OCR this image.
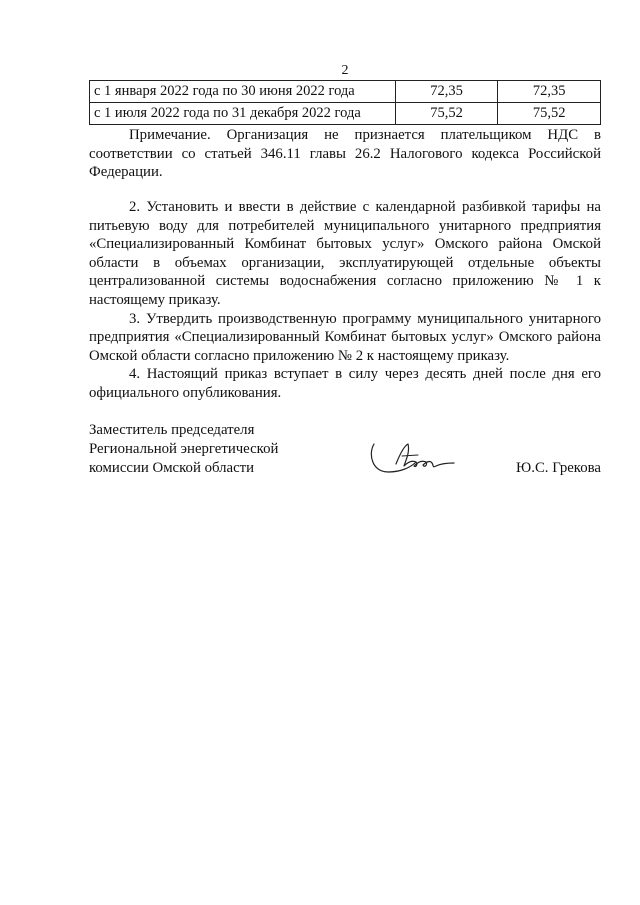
2
с 1 января 2022 года по 30 июня 2022 года	72,35	72,35
с 1 июля 2022 года по 31 декабря 2022 года	75,52	75,52

Примечание. Организация не признается плательщиком НДС в соответствии со статьей 346.11 главы 26.2 Налогового кодекса Российской Федерации.

2. Установить и ввести в действие с календарной разбивкой тарифы на питьевую воду для потребителей муниципального унитарного предприятия «Специализированный Комбинат бытовых услуг» Омского района Омской области в объемах организации, эксплуатирующей отдельные объекты централизованной системы водоснабжения согласно приложению № 1 к настоящему приказу.

3. Утвердить производственную программу муниципального унитарного предприятия «Специализированный Комбинат бытовых услуг» Омского района Омской области согласно приложению № 2 к настоящему приказу.

4. Настоящий приказ вступает в силу через десять дней после дня его официального опубликования.

Заместитель председателя
Региональной энергетической
комиссии Омской области	Ю.С. Грекова
